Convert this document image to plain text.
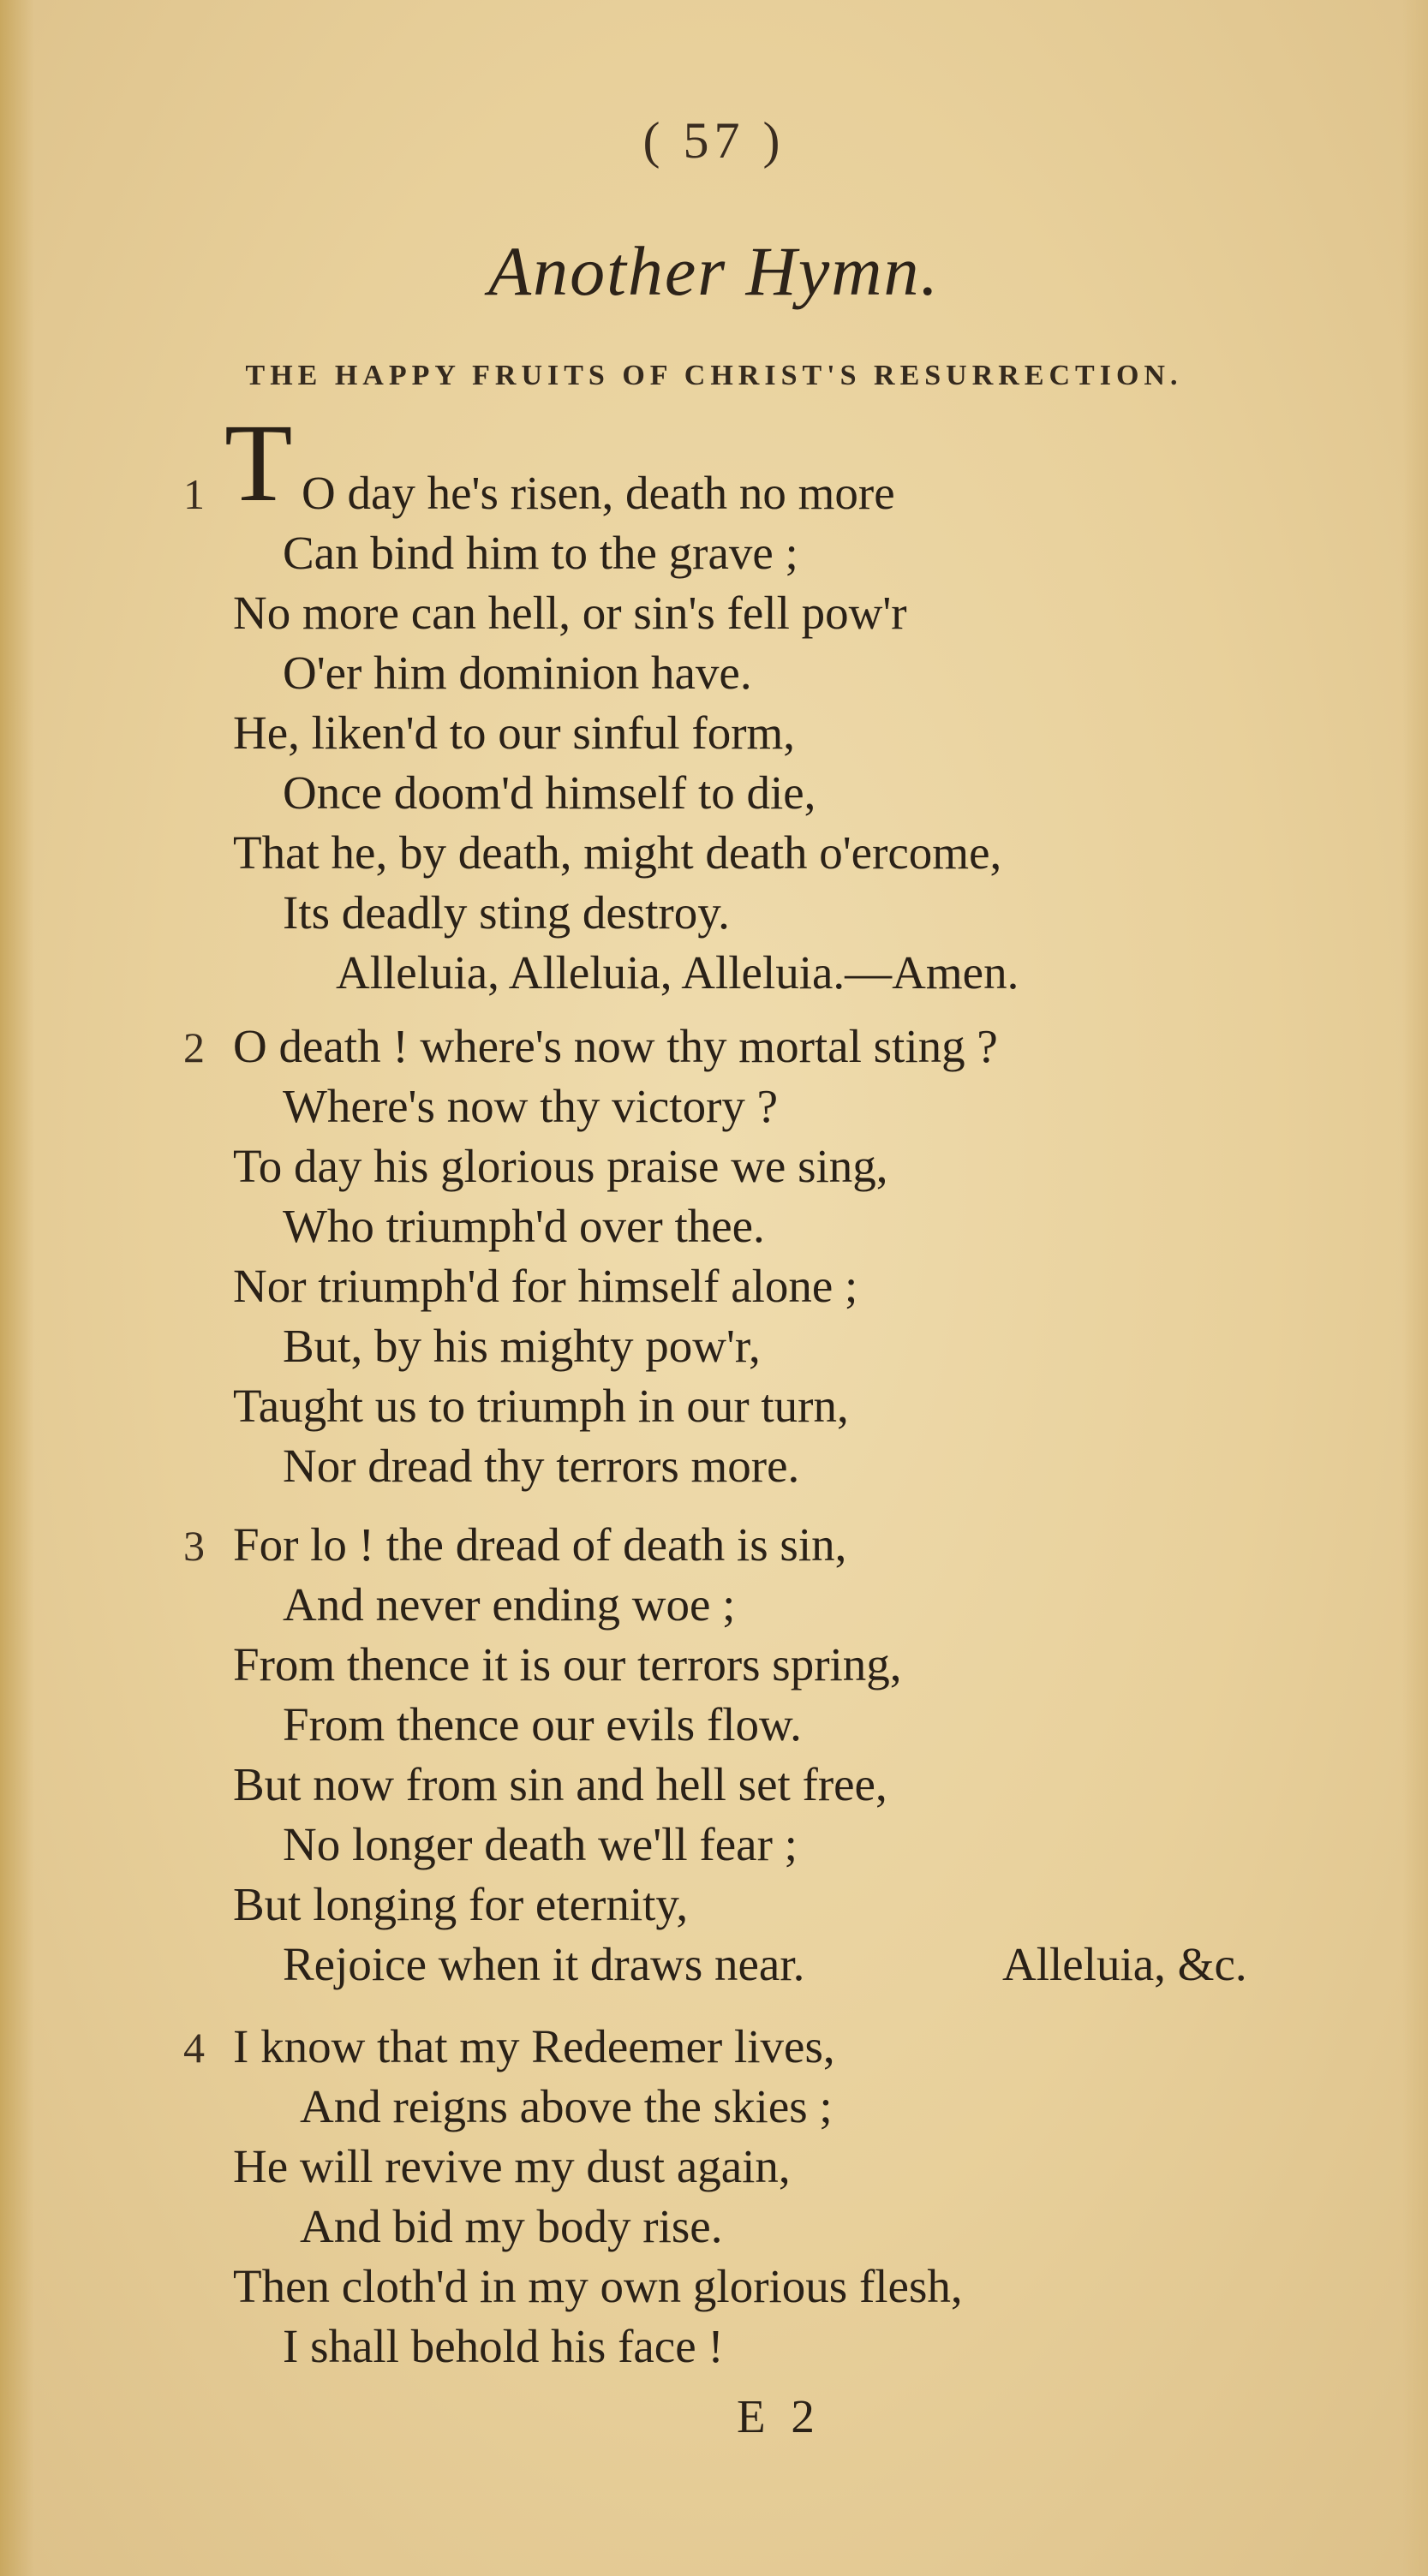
( 57 )
Another Hymn.
THE HAPPY FRUITS OF CHRIST'S RESURRECTION.
1 T O day he's risen, death no more
Can bind him to the grave ;
No more can hell, or sin's fell pow'r
O'er him dominion have.
He, liken'd to our sinful form,
Once doom'd himself to die,
That he, by death, might death o'ercome,
Its deadly sting destroy.
Alleluia, Alleluia, Alleluia.—Amen.
2 O death ! where's now thy mortal sting ?
Where's now thy victory ?
To day his glorious praise we sing,
Who triumph'd over thee.
Nor triumph'd for himself alone ;
But, by his mighty pow'r,
Taught us to triumph in our turn,
Nor dread thy terrors more.
3 For lo ! the dread of death is sin,
And never ending woe ;
From thence it is our terrors spring,
From thence our evils flow.
But now from sin and hell set free,
No longer death we'll fear ;
But longing for eternity,
Rejoice when it draws near.	Alleluia, &c.
4 I know that my Redeemer lives,
And reigns above the skies ;
He will revive my dust again,
And bid my body rise.
Then cloth'd in my own glorious flesh,
I shall behold his face !
E 2
